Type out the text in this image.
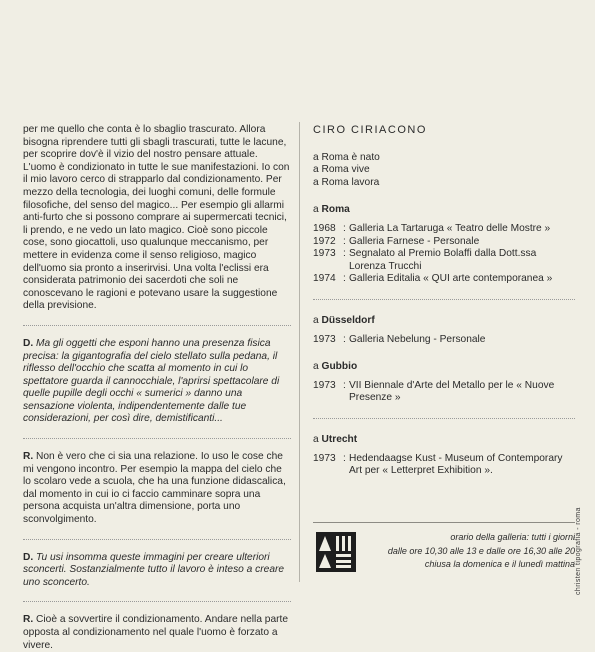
per me quello che conta è lo sbaglio trascurato. Allora bisogna riprendere tutti gli sbagli trascurati, tutte le lacune, per scoprire dov'è il vizio del nostro pensare attuale. L'uomo è condizionato in tutte le sue manifestazioni. Io con il mio lavoro cerco di strapparlo dal condizionamento. Per mezzo della tecnologia, dei luoghi comuni, delle formule filosofiche, del senso del magico... Per esempio gli allarmi anti-furto che si possono comprare ai supermercati tecnici, li prendo, e ne vedo un lato magico. Cioè sono piccole cose, sono giocattoli, uso qualunque meccanismo, per mettere in evidenza come il senso religioso, magico dell'uomo sia pronto a inserirvisi. Una volta l'eclissi era considerata patrimonio dei sacerdoti che soli ne conoscevano le ragioni e potevano usare la suggestione della previsione.

D. Ma gli oggetti che esponi hanno una presenza fisica precisa: la gigantografia del cielo stellato sulla pedana, il riflesso dell'occhio che scatta al momento in cui lo spettatore guarda il cannocchiale, l'aprirsi spettacolare di quelle pupille degli occhi « sumerici » danno una sensazione violenta, indipendentemente dalle tue considerazioni, per così dire, demistificanti...

R. Non è vero che ci sia una relazione. Io uso le cose che mi vengono incontro. Per esempio la mappa del cielo che lo scolaro vede a scuola, che ha una funzione didascalica, dal momento in cui io ci faccio camminare sopra una persona acquista un'altra dimensione, porta uno sconvolgimento.

D. Tu usi insomma queste immagini per creare ulteriori sconcerti. Sostanzialmente tutto il lavoro è inteso a creare uno sconcerto.

R. Cioè a sovvertire il condizionamento. Andare nella parte opposta al condizionamento nel quale l'uomo è forzato a vivere.

CIRO CIRIACONO
a Roma è nato
a Roma vive
a Roma lavora
a Roma
1968 : Galleria La Tartaruga « Teatro delle Mostre »
1972 : Galleria Farnese - Personale
1973 : Segnalato al Premio Bolaffi dalla Dott.ssa Lorenza Trucchi
1974 : Galleria Editalia « QUI arte contemporanea »
a Düsseldorf
1973 : Galleria Nebelung - Personale
a Gubbio
1973 : VII Biennale d'Arte del Metallo per le « Nuove Presenze »
a Utrecht
1973 : Hedendaagse Kust - Museum of Contemporary Art per « Letterpret Exhibition ».
orario della galleria: tutti i giorni
dalle ore 10,30 alle 13 e dalle ore 16,30 alle 20
chiusa la domenica e il lunedì mattina christen tipografia - roma
